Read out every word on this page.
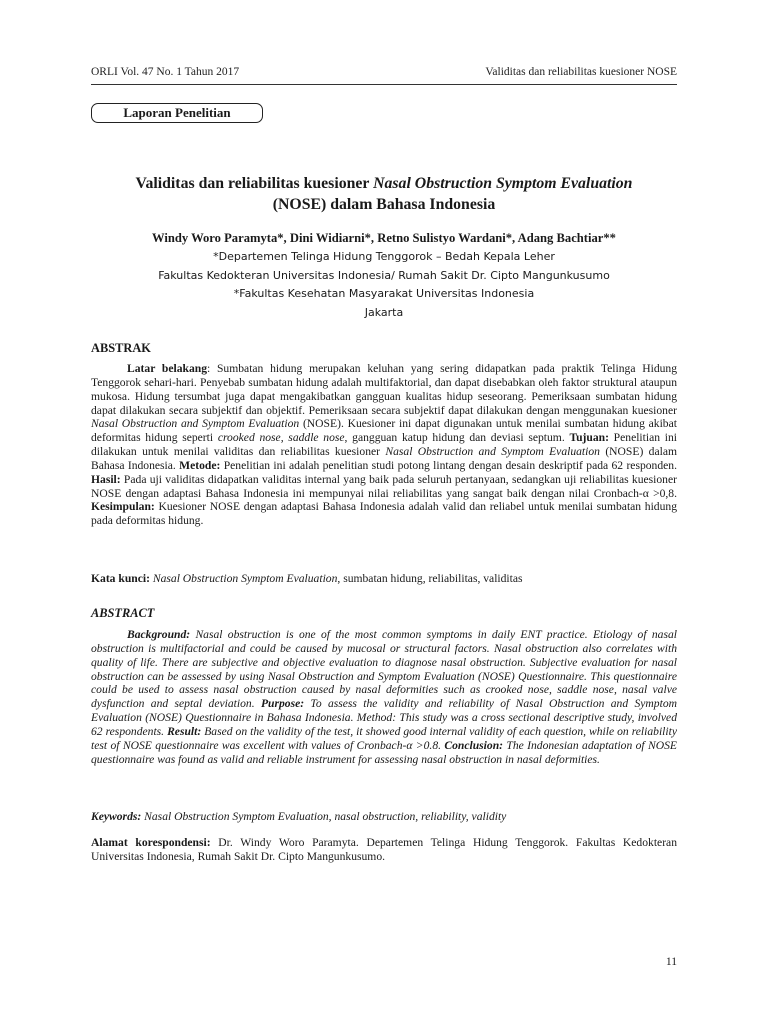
ORLI Vol. 47 No. 1 Tahun 2017	Validitas dan reliabilitas kuesioner NOSE
Laporan Penelitian
Validitas dan reliabilitas kuesioner Nasal Obstruction Symptom Evaluation
(NOSE) dalam Bahasa Indonesia
Windy Woro Paramyta*, Dini Widiarni*, Retno Sulistyo Wardani*, Adang Bachtiar**
*Departemen Telinga Hidung Tenggorok – Bedah Kepala Leher
Fakultas Kedokteran Universitas Indonesia/ Rumah Sakit Dr. Cipto Mangunkusumo
*Fakultas Kesehatan Masyarakat Universitas Indonesia
Jakarta
ABSTRAK
Latar belakang: Sumbatan hidung merupakan keluhan yang sering didapatkan pada praktik Telinga Hidung Tenggorok sehari-hari. Penyebab sumbatan hidung adalah multifaktorial, dan dapat disebabkan oleh faktor struktural ataupun mukosa. Hidung tersumbat juga dapat mengakibatkan gangguan kualitas hidup seseorang. Pemeriksaan sumbatan hidung dapat dilakukan secara subjektif dan objektif. Pemeriksaan secara subjektif dapat dilakukan dengan menggunakan kuesioner Nasal Obstruction and Symptom Evaluation (NOSE). Kuesioner ini dapat digunakan untuk menilai sumbatan hidung akibat deformitas hidung seperti crooked nose, saddle nose, gangguan katup hidung dan deviasi septum. Tujuan: Penelitian ini dilakukan untuk menilai validitas dan reliabilitas kuesioner Nasal Obstruction and Symptom Evaluation (NOSE) dalam Bahasa Indonesia. Metode: Penelitian ini adalah penelitian studi potong lintang dengan desain deskriptif pada 62 responden. Hasil: Pada uji validitas didapatkan validitas internal yang baik pada seluruh pertanyaan, sedangkan uji reliabilitas kuesioner NOSE dengan adaptasi Bahasa Indonesia ini mempunyai nilai reliabilitas yang sangat baik dengan nilai Cronbach-α >0,8. Kesimpulan: Kuesioner NOSE dengan adaptasi Bahasa Indonesia adalah valid dan reliabel untuk menilai sumbatan hidung pada deformitas hidung.
Kata kunci: Nasal Obstruction Symptom Evaluation, sumbatan hidung, reliabilitas, validitas
ABSTRACT
Background: Nasal obstruction is one of the most common symptoms in daily ENT practice. Etiology of nasal obstruction is multifactorial and could be caused by mucosal or structural factors. Nasal obstruction also correlates with quality of life. There are subjective and objective evaluation to diagnose nasal obstruction. Subjective evaluation for nasal obstruction can be assessed by using Nasal Obstruction and Symptom Evaluation (NOSE) Questionnaire. This questionnaire could be used to assess nasal obstruction caused by nasal deformities such as crooked nose, saddle nose, nasal valve dysfunction and septal deviation. Purpose: To assess the validity and reliability of Nasal Obstruction and Symptom Evaluation (NOSE) Questionnaire in Bahasa Indonesia. Method: This study was a cross sectional descriptive study, involved 62 respondents. Result: Based on the validity of the test, it showed good internal validity of each question, while on reliability test of NOSE questionnaire was excellent with values of Cronbach-α >0.8. Conclusion: The Indonesian adaptation of NOSE questionnaire was found as valid and reliable instrument for assessing nasal obstruction in nasal deformities.
Keywords: Nasal Obstruction Symptom Evaluation, nasal obstruction, reliability, validity
Alamat korespondensi: Dr. Windy Woro Paramyta. Departemen Telinga Hidung Tenggorok. Fakultas Kedokteran Universitas Indonesia, Rumah Sakit Dr. Cipto Mangunkusumo.
11
